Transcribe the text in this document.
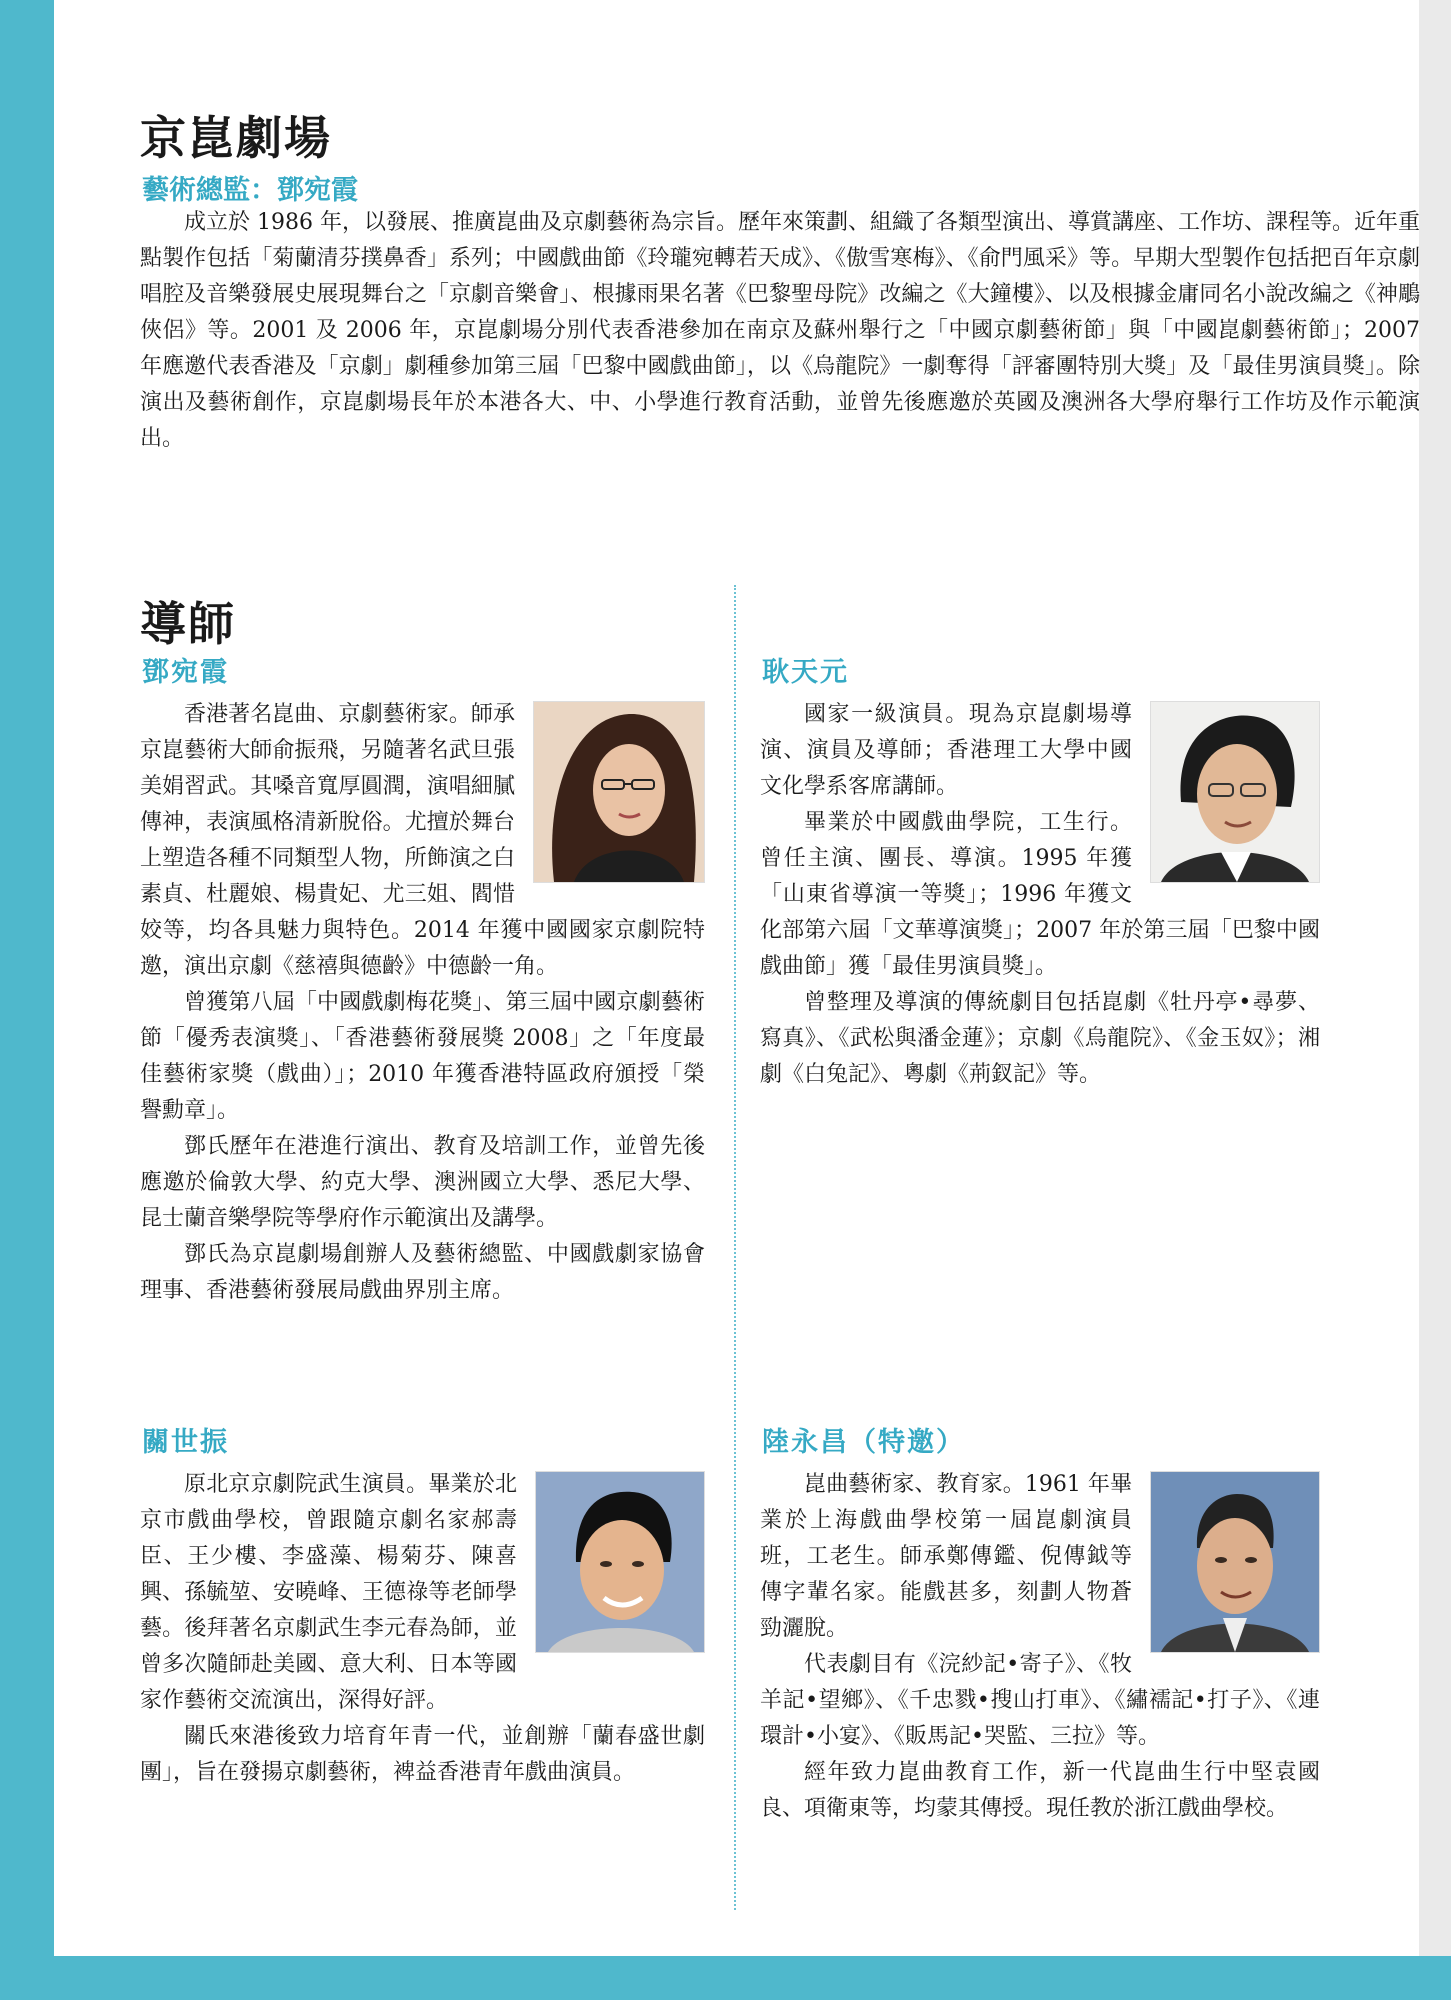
京崑劇場
藝術總監：鄧宛霞

成立於 1986 年，以發展、推廣崑曲及京劇藝術為宗旨。歷年來策劃、組織了各類型演出、導賞講座、工作坊、課程等。近年重點製作包括「菊蘭清芬撲鼻香」系列；中國戲曲節《玲瓏宛轉若天成》、《傲雪寒梅》、《俞門風采》等。早期大型製作包括把百年京劇唱腔及音樂發展史展現舞台之「京劇音樂會」、根據雨果名著《巴黎聖母院》改編之《大鐘樓》、以及根據金庸同名小說改編之《神鵰俠侶》等。2001 及 2006 年，京崑劇場分別代表香港參加在南京及蘇州舉行之「中國京劇藝術節」與「中國崑劇藝術節」；2007 年應邀代表香港及「京劇」劇種參加第三屆「巴黎中國戲曲節」，以《烏龍院》一劇奪得「評審團特別大獎」及「最佳男演員獎」。除演出及藝術創作，京崑劇場長年於本港各大、中、小學進行教育活動，並曾先後應邀於英國及澳洲各大學府舉行工作坊及作示範演出。

導師
鄧宛霞

香港著名崑曲、京劇藝術家。師承京崑藝術大師俞振飛，另隨著名武旦張美娟習武。其嗓音寬厚圓潤，演唱細膩傳神，表演風格清新脫俗。尤擅於舞台上塑造各種不同類型人物，所飾演之白素貞、杜麗娘、楊貴妃、尤三姐、閻惜姣等，均各具魅力與特色。2014 年獲中國國家京劇院特邀，演出京劇《慈禧與德齡》中德齡一角。

曾獲第八屆「中國戲劇梅花獎」、第三屆中國京劇藝術節「優秀表演獎」、「香港藝術發展獎 2008」之「年度最佳藝術家獎（戲曲）」；2010 年獲香港特區政府頒授「榮譽勳章」。

鄧氏歷年在港進行演出、教育及培訓工作，並曾先後應邀於倫敦大學、約克大學、澳洲國立大學、悉尼大學、昆士蘭音樂學院等學府作示範演出及講學。

鄧氏為京崑劇場創辦人及藝術總監、中國戲劇家協會理事、香港藝術發展局戲曲界別主席。

耿天元

國家一級演員。現為京崑劇場導演、演員及導師；香港理工大學中國文化學系客席講師。

畢業於中國戲曲學院，工生行。曾任主演、團長、導演。1995 年獲「山東省導演一等獎」；1996 年獲文化部第六屆「文華導演獎」；2007 年於第三屆「巴黎中國戲曲節」獲「最佳男演員獎」。

曾整理及導演的傳統劇目包括崑劇《牡丹亭•尋夢、寫真》、《武松與潘金蓮》；京劇《烏龍院》、《金玉奴》；湘劇《白兔記》、粵劇《荊釵記》等。

關世振

原北京京劇院武生演員。畢業於北京市戲曲學校，曾跟隨京劇名家郝壽臣、王少樓、李盛藻、楊菊芬、陳喜興、孫毓堃、安曉峰、王德祿等老師學藝。後拜著名京劇武生李元春為師，並曾多次隨師赴美國、意大利、日本等國家作藝術交流演出，深得好評。

關氏來港後致力培育年青一代，並創辦「蘭春盛世劇團」，旨在發揚京劇藝術，裨益香港青年戲曲演員。

陸永昌（特邀）

崑曲藝術家、教育家。1961 年畢業於上海戲曲學校第一屆崑劇演員班，工老生。師承鄭傳鑑、倪傳鉞等傳字輩名家。能戲甚多，刻劃人物蒼勁灑脫。

代表劇目有《浣紗記•寄子》、《牧羊記•望鄉》、《千忠戮•搜山打車》、《繡襦記•打子》、《連環計•小宴》、《販馬記•哭監、三拉》等。

經年致力崑曲教育工作，新一代崑曲生行中堅袁國良、項衛東等，均蒙其傳授。現任教於浙江戲曲學校。
